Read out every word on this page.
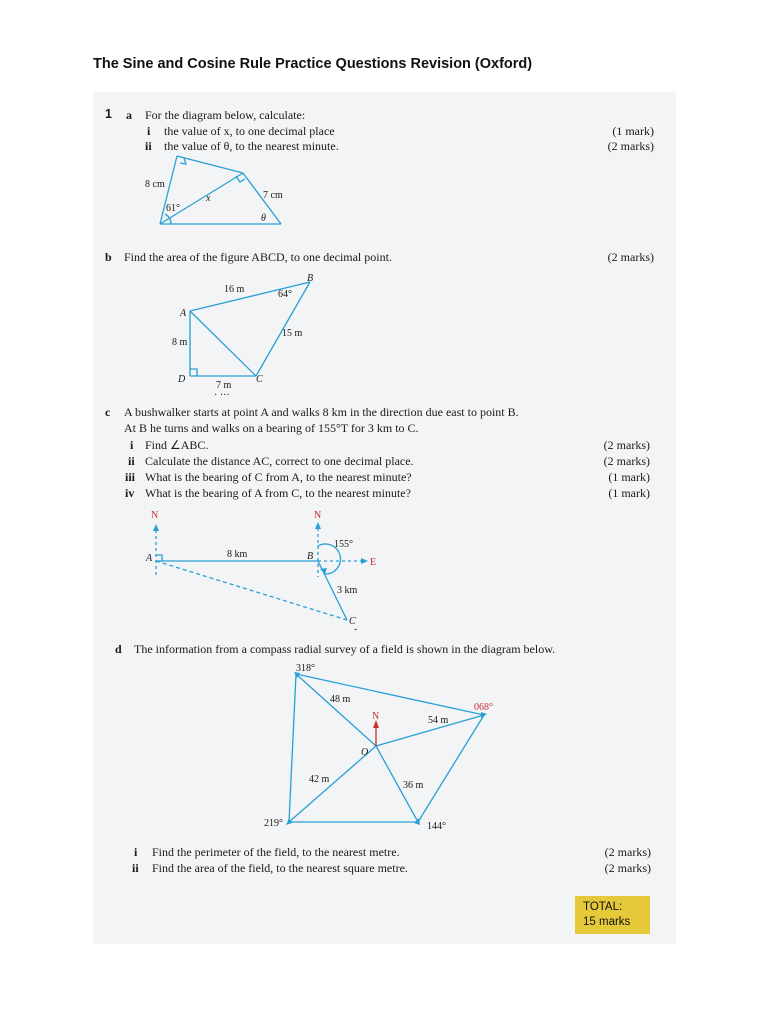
The Sine and Cosine Rule Practice Questions Revision (Oxford)
1 a For the diagram below, calculate:
i the value of x, to one decimal place	(1 mark)
ii the value of θ, to the nearest minute.	(2 marks)
8 cm
61°
x	7 cm
θ
b Find the area of the figure ABCD, to one decimal point.	(2 marks)
B
16 m	64°
A
15 m
8 m
D	C
7 m
· ···
c A bushwalker starts at point A and walks 8 km in the direction due east to point B.
At B he turns and walks on a bearing of 155°T for 3 km to C.
i Find ∠ABC.	(2 marks)
ii Calculate the distance AC, correct to one decimal place.	(2 marks)
iii What is the bearing of C from A, to the nearest minute?	(1 mark)
iv What is the bearing of A from C, to the nearest minute?	(1 mark)
N	N
A	8 km	B
155°
E
3 km
C
˘
d The information from a compass radial survey of a field is shown in the diagram below.
318°
48 m
068°
N	54 m
O
42 m
36 m
219°	144°
i Find the perimeter of the field, to the nearest metre.	(2 marks)
ii Find the area of the field, to the nearest square metre.	(2 marks)
TOTAL:
15 marks
